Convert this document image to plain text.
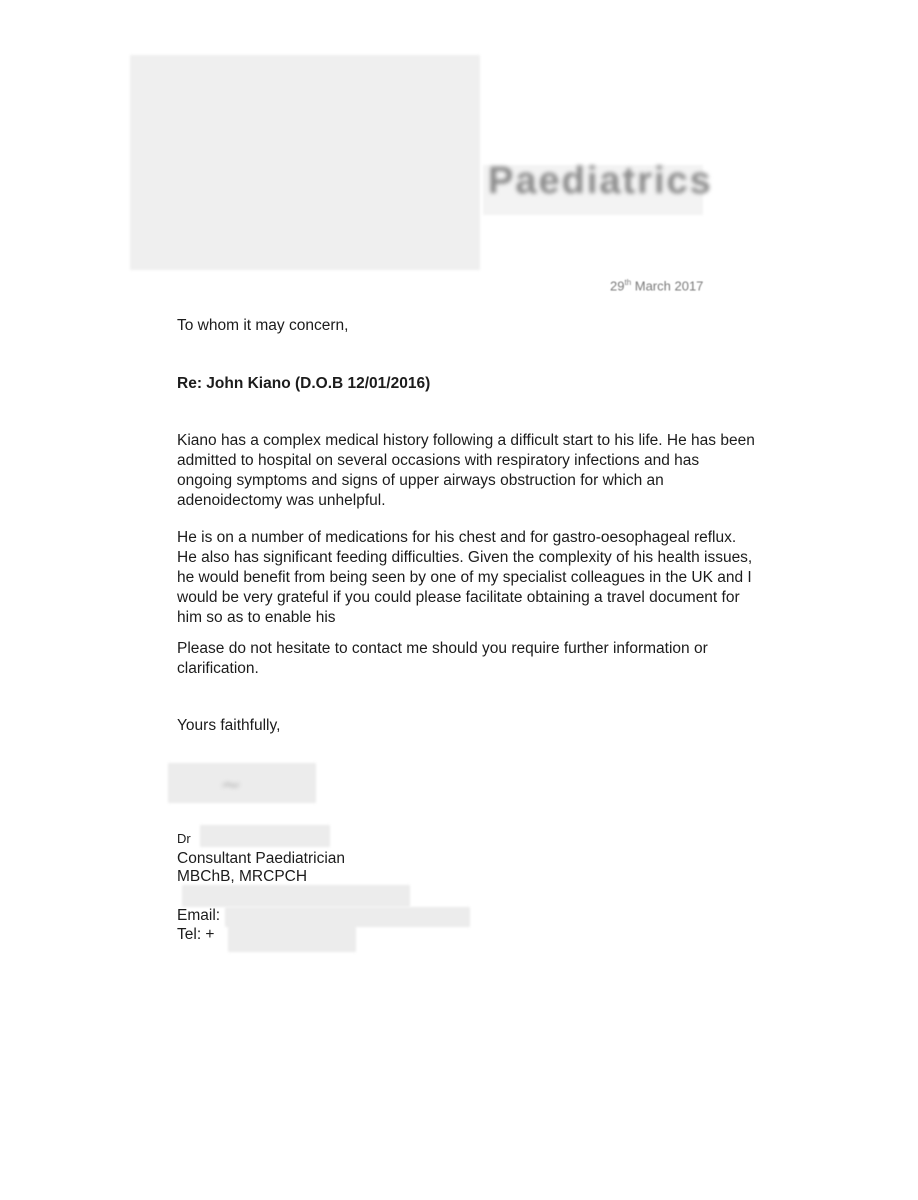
Paediatrics
29th March 2017
To whom it may concern,
Re: John Kiano (D.O.B 12/01/2016)
Kiano has a complex medical history following a difficult start to his life. He has been admitted to hospital on several occasions with respiratory infections and has ongoing symptoms and signs of upper airways obstruction for which an adenoidectomy was unhelpful.
He is on a number of medications for his chest and for gastro-oesophageal reflux. He also has significant feeding difficulties. Given the complexity of his health issues, he would benefit from being seen by one of my specialist colleagues in the UK and I would be very grateful if you could please facilitate obtaining a travel document for him so as to enable his
Please do not hesitate to contact me should you require further information or clarification.
Yours faithfully,
~
Dr
Consultant Paediatrician
MBChB, MRCPCH
Email:
Tel: +
